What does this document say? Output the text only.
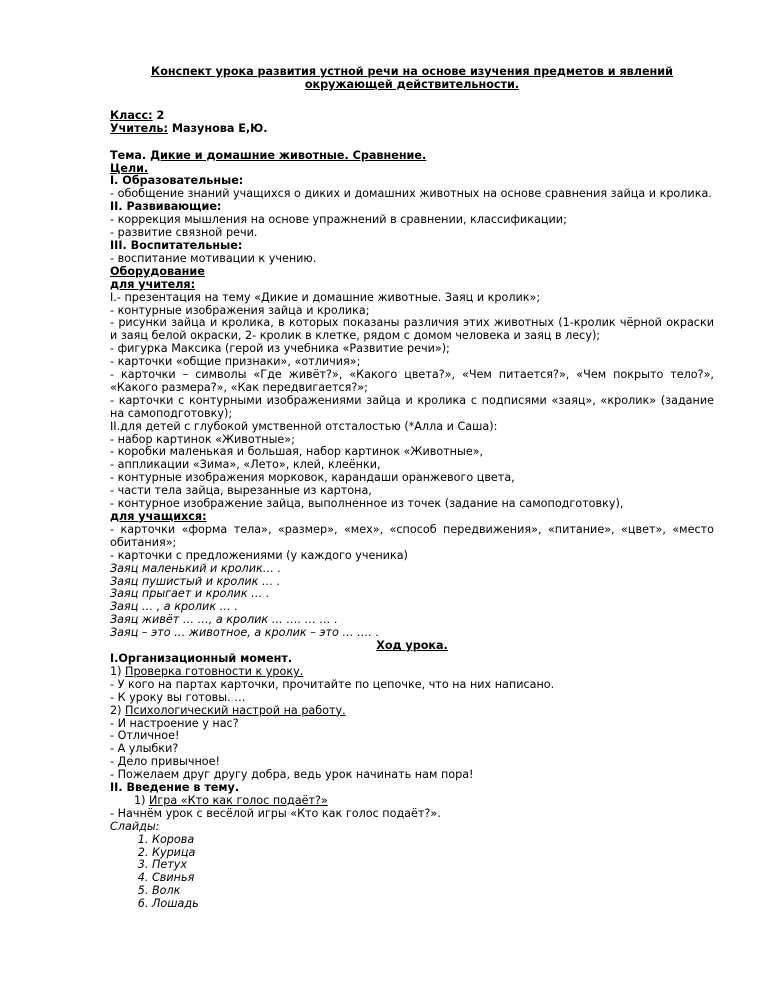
Конспект урока развития устной речи на основе изучения предметов и явлений окружающей действительности.
Класс: 2
Учитель: Мазунова Е,Ю.
Тема. Дикие и домашние животные. Сравнение.
Цели.
I. Образовательные:
- обобщение знаний учащихся о диких и домашних животных на основе сравнения зайца и кролика.
II. Развивающие:
- коррекция мышления на основе упражнений в сравнении, классификации;
- развитие связной речи.
III. Воспитательные:
- воспитание мотивации к учению.
Оборудование
для учителя:
I.- презентация на тему «Дикие и домашние животные. Заяц и кролик»;
- контурные изображения зайца и кролика;
- рисунки зайца и кролика, в которых показаны различия этих животных (1-кролик чёрной окраски и заяц белой окраски, 2- кролик в клетке, рядом с домом человека и заяц в лесу);
- фигурка Максика (герой из учебника «Развитие речи»);
- карточки «общие признаки», «отличия»;
- карточки – символы «Где живёт?», «Какого цвета?», «Чем питается?», «Чем покрыто тело?», «Какого размера?», «Как передвигается?»;
- карточки с контурными изображениями зайца и кролика с подписями «заяц», «кролик» (задание на самоподготовку);
II.для детей с глубокой умственной отсталостью (*Алла и Саша):
- набор картинок «Животные»;
- коробки маленькая и большая, набор картинок «Животные»,
- аппликации «Зима», «Лето», клей, клеёнки,
- контурные изображения морковок, карандаши оранжевого цвета,
- части тела зайца, вырезанные из картона,
- контурное изображение зайца, выполненное из точек (задание на самоподготовку),
для учащихся:
- карточки «форма тела», «размер», «мех», «способ передвижения», «питание», «цвет», «место обитания»;
- карточки с предложениями (у каждого ученика)
Заяц маленький и кролик… .
Заяц пушистый и кролик … .
Заяц прыгает и кролик … .
Заяц … , а кролик … .
Заяц живёт … …, а кролик … …. … … .
Заяц – это … животное, а кролик – это … …. .
Ход урока.
I.Организационный момент.
1) Проверка готовности к уроку.
- У кого на партах карточки, прочитайте по цепочке, что на них написано.
- К уроку вы готовы. …
2) Психологический настрой на работу.
- И настроение у нас?
- Отличное!
- А улыбки?
- Дело привычное!
- Пожелаем друг другу добра, ведь урок начинать нам пора!
II. Введение в тему.
1) Игра «Кто как голос подаёт?»
- Начнём урок с весёлой игры «Кто как голос подаёт?».
Слайды:
1. Корова
2. Курица
3. Петух
4. Свинья
5. Волк
6. Лошадь
